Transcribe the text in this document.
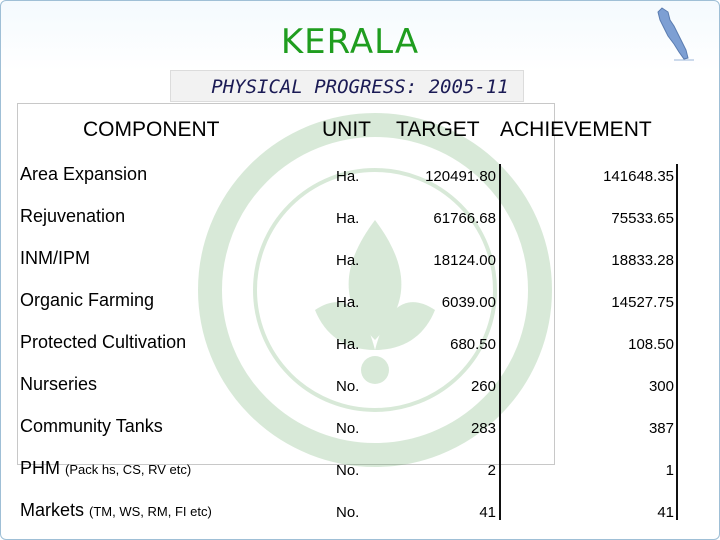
KERALA
PHYSICAL PROGRESS: 2005-11
COMPONENT	UNIT TARGET ACHIEVEMENT
Area Expansion	Ha.	120491.80	141648.35
Rejuvenation	Ha.	61766.68	75533.65
INM/IPM	Ha.	18124.00	18833.28
Organic Farming	Ha.	6039.00	14527.75
Protected Cultivation	Ha.	680.50	108.50
Nurseries	No.	260	300
Community Tanks	No.	283	387
PHM (Pack hs, CS, RV etc)	No.	2	1
Markets (TM, WS, RM, FI etc)	No.	41	41
